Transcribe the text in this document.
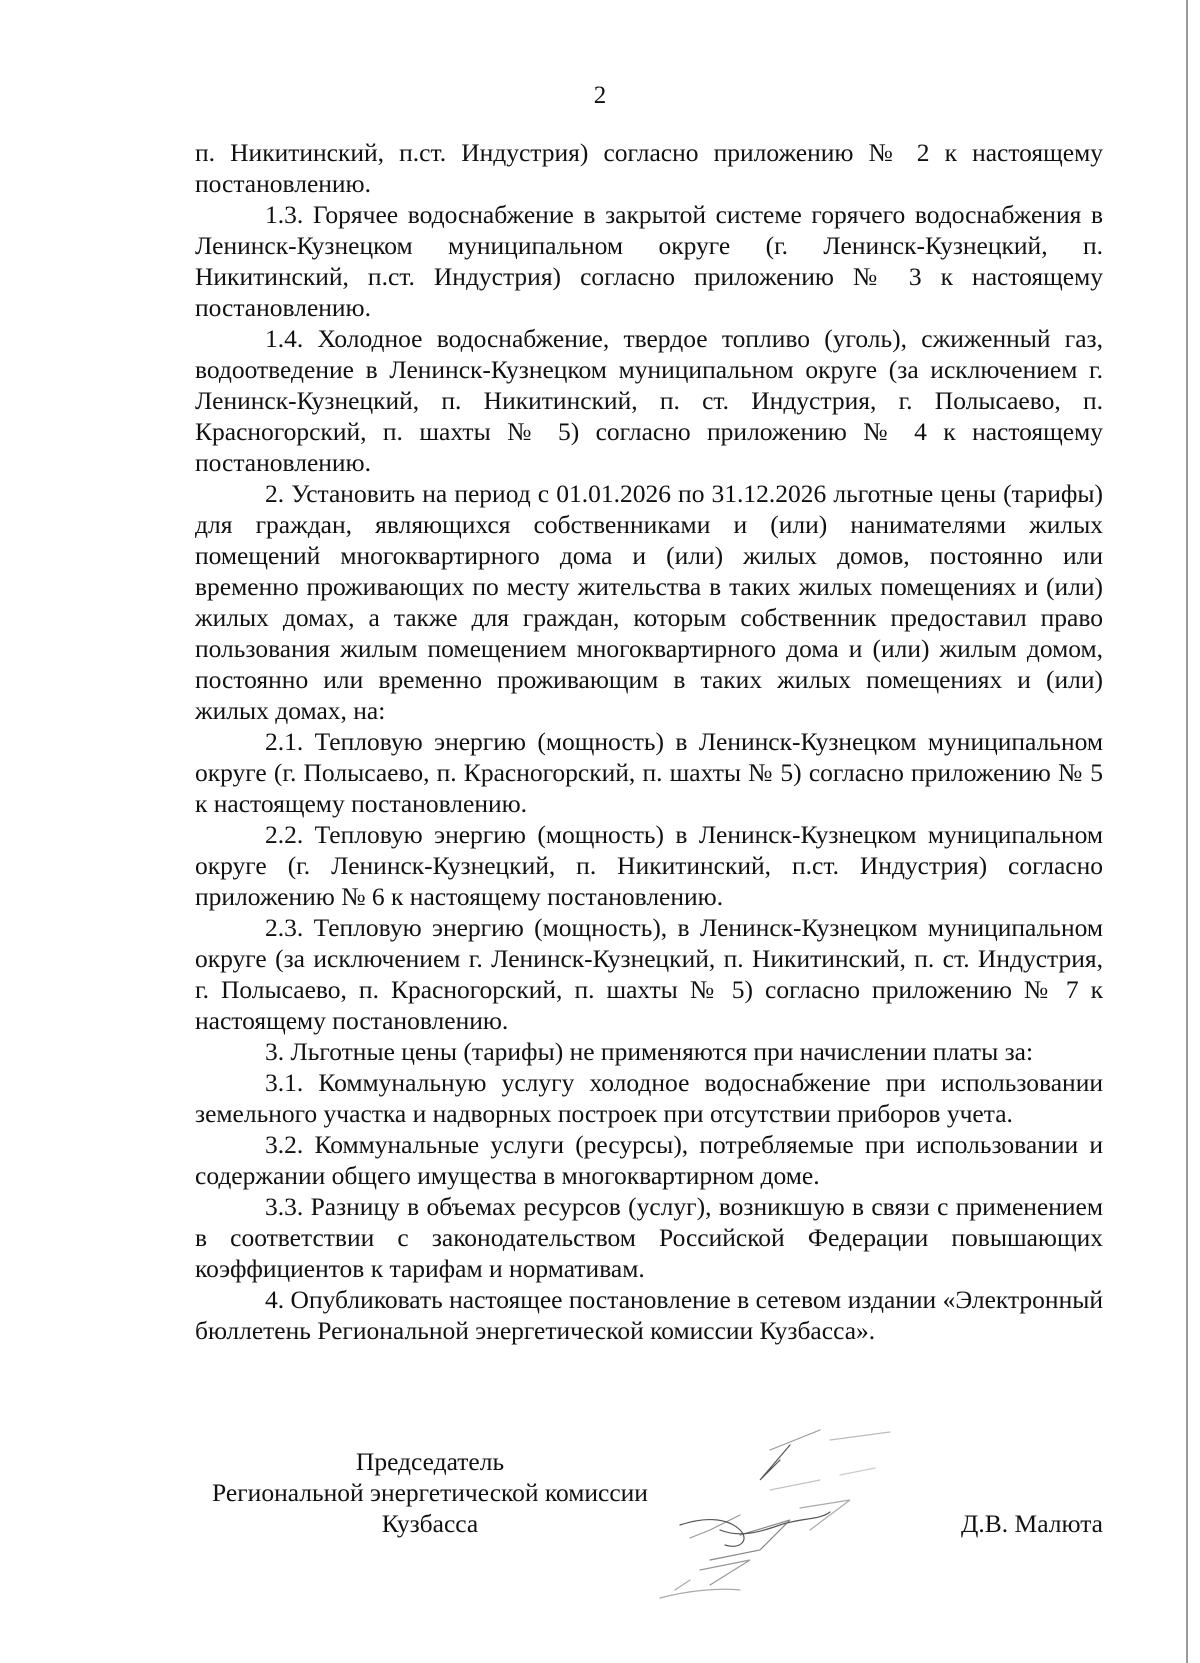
2

п. Никитинский, п.ст. Индустрия) согласно приложению № 2 к настоящему постановлению.

1.3. Горячее водоснабжение в закрытой системе горячего водоснабжения в Ленинск-Кузнецком муниципальном округе (г. Ленинск-Кузнецкий, п. Никитинский, п.ст. Индустрия) согласно приложению № 3 к настоящему постановлению.

1.4. Холодное водоснабжение, твердое топливо (уголь), сжиженный газ, водоотведение в Ленинск-Кузнецком муниципальном округе (за исключением г. Ленинск-Кузнецкий, п. Никитинский, п. ст. Индустрия, г. Полысаево, п. Красногорский, п. шахты № 5) согласно приложению № 4 к настоящему постановлению.

2. Установить на период с 01.01.2026 по 31.12.2026 льготные цены (тарифы) для граждан, являющихся собственниками и (или) нанимателями жилых помещений многоквартирного дома и (или) жилых домов, постоянно или временно проживающих по месту жительства в таких жилых помещениях и (или) жилых домах, а также для граждан, которым собственник предоставил право пользования жилым помещением многоквартирного дома и (или) жилым домом, постоянно или временно проживающим в таких жилых помещениях и (или) жилых домах, на:

2.1. Тепловую энергию (мощность) в Ленинск-Кузнецком муниципальном округе (г. Полысаево, п. Красногорский, п. шахты № 5) согласно приложению № 5 к настоящему постановлению.

2.2. Тепловую энергию (мощность) в Ленинск-Кузнецком муниципальном округе (г. Ленинск-Кузнецкий, п. Никитинский, п.ст. Индустрия) согласно приложению № 6 к настоящему постановлению.

2.3. Тепловую энергию (мощность), в Ленинск-Кузнецком муниципальном округе (за исключением г. Ленинск-Кузнецкий, п. Никитинский, п. ст. Индустрия, г. Полысаево, п. Красногорский, п. шахты № 5) согласно приложению № 7 к настоящему постановлению.

3. Льготные цены (тарифы) не применяются при начислении платы за:

3.1. Коммунальную услугу холодное водоснабжение при использовании земельного участка и надворных построек при отсутствии приборов учета.

3.2. Коммунальные услуги (ресурсы), потребляемые при использовании и содержании общего имущества в многоквартирном доме.

3.3. Разницу в объемах ресурсов (услуг), возникшую в связи с применением в соответствии с законодательством Российской Федерации повышающих коэффициентов к тарифам и нормативам.

4. Опубликовать настоящее постановление в сетевом издании «Электронный бюллетень Региональной энергетической комиссии Кузбасса».

Председатель
Региональной энергетической комиссии
Кузбасса	Д.В. Малюта
